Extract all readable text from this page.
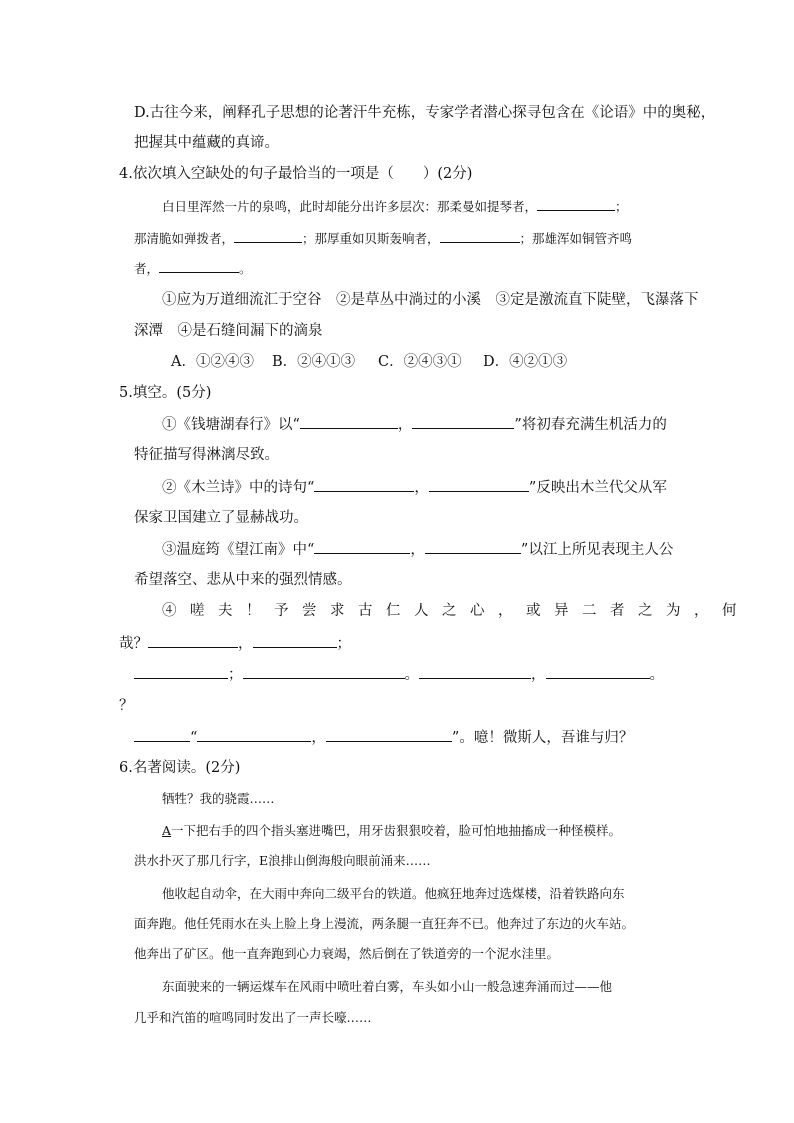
D.古往今来，阐释孔子思想的论著汗牛充栋，专家学者潜心探寻包含在《论语》中的奥秘，
把握其中蕴藏的真谛。
4.依次填入空缺处的句子最恰当的一项是（　　）(2分)
白日里浑然一片的泉鸣，此时却能分出许多层次：那柔曼如提琴者，	；
那清脆如弹拨者，	；那厚重如贝斯轰响者，	；那雄浑如铜管齐鸣
者，	。
①应为万道细流汇于空谷　②是草丛中淌过的小溪　③定是激流直下陡壁，飞瀑落下
深潭　④是石缝间漏下的滴泉
A．①②④③ B．②④①③ C．②④③① D．④②①③
5.填空。(5分)
①《钱塘湖春行》以“	，	”将初春充满生机活力的
特征描写得淋漓尽致。
②《木兰诗》中的诗句“	，	”反映出木兰代父从军
保家卫国建立了显赫战功。
③温庭筠《望江南》中“	，	”以江上所见表现主人公
希望落空、悲从中来的强烈情感。
④嗟夫！予尝求古仁人之心，或异二者之为，何
哉？	，	；
；	。	，	。
？
“	，	”。噫！微斯人，吾谁与归？
6.名著阅读。(2分)
牺牲？我的骁霞……
A一下把右手的四个指头塞进嘴巴，用牙齿狠狠咬着，脸可怕地抽搐成一种怪模样。
洪水扑灭了那几行字，E浪排山倒海般向眼前涌来……
他收起自动伞，在大雨中奔向二级平台的铁道。他疯狂地奔过选煤楼，沿着铁路向东
面奔跑。他任凭雨水在头上脸上身上漫流，两条腿一直狂奔不已。他奔过了东边的火车站。
他奔出了矿区。他一直奔跑到心力衰竭，然后倒在了铁道旁的一个泥水洼里。
东面驶来的一辆运煤车在风雨中喷吐着白雾，车头如小山一般急速奔涌而过——他
几乎和汽笛的喧鸣同时发出了一声长嚎……
